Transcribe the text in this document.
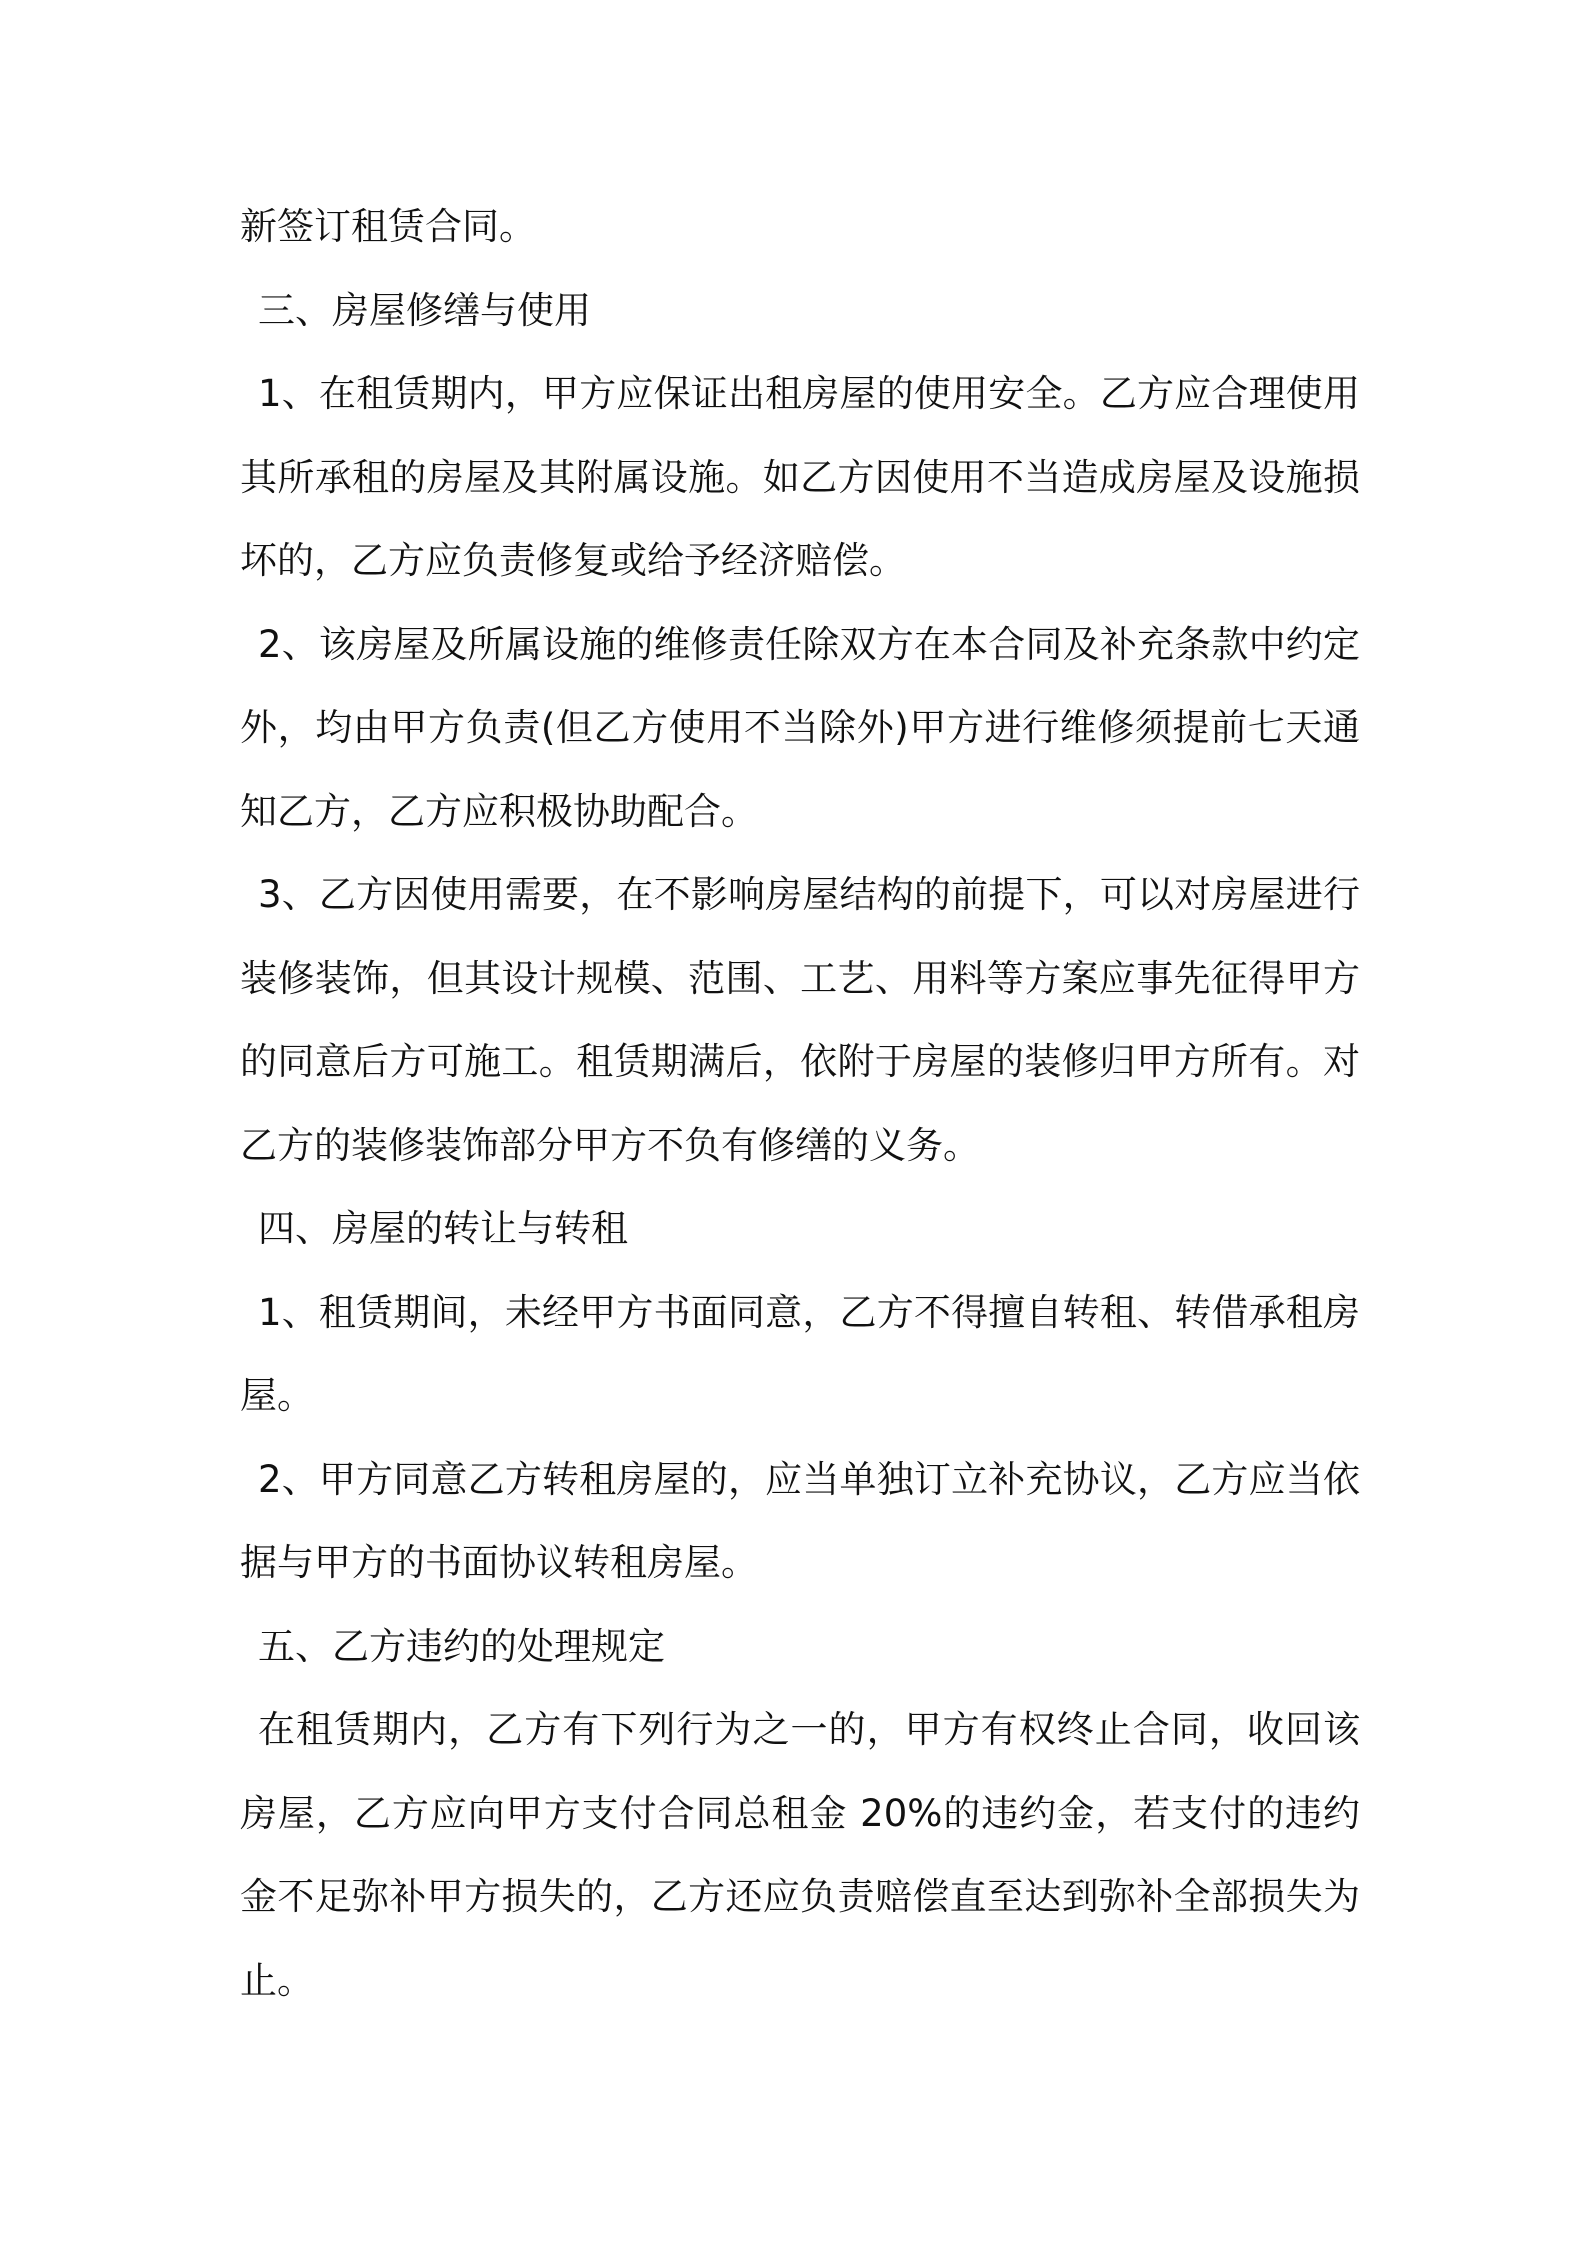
新签订租赁合同。

三、房屋修缮与使用

1、在租赁期内，甲方应保证出租房屋的使用安全。乙方应合理使用其所承租的房屋及其附属设施。如乙方因使用不当造成房屋及设施损坏的，乙方应负责修复或给予经济赔偿。

2、该房屋及所属设施的维修责任除双方在本合同及补充条款中约定外，均由甲方负责(但乙方使用不当除外)甲方进行维修须提前七天通知乙方，乙方应积极协助配合。

3、乙方因使用需要，在不影响房屋结构的前提下，可以对房屋进行装修装饰，但其设计规模、范围、工艺、用料等方案应事先征得甲方的同意后方可施工。租赁期满后，依附于房屋的装修归甲方所有。对乙方的装修装饰部分甲方不负有修缮的义务。

四、房屋的转让与转租

1、租赁期间，未经甲方书面同意，乙方不得擅自转租、转借承租房屋。

2、甲方同意乙方转租房屋的，应当单独订立补充协议，乙方应当依据与甲方的书面协议转租房屋。

五、乙方违约的处理规定

在租赁期内，乙方有下列行为之一的，甲方有权终止合同，收回该房屋，乙方应向甲方支付合同总租金 20%的违约金，若支付的违约金不足弥补甲方损失的，乙方还应负责赔偿直至达到弥补全部损失为止。
